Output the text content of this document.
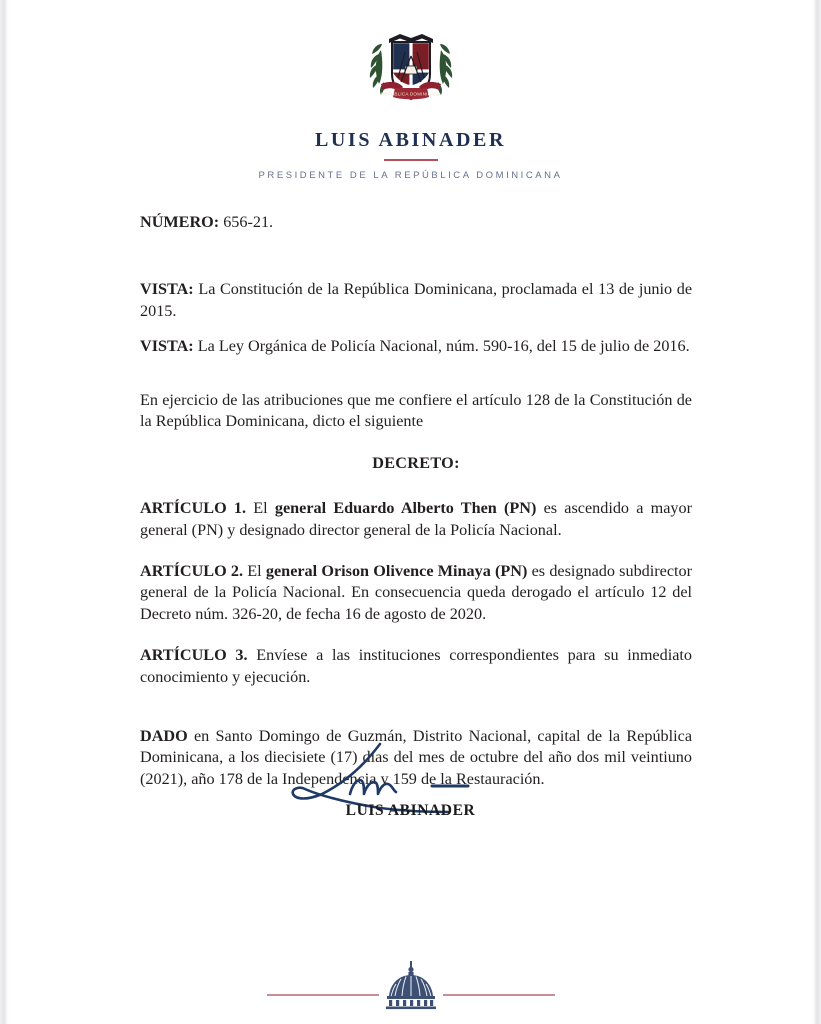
REPUBLICA DOMINICANA
LUIS ABINADER
PRESIDENTE DE LA REPÚBLICA DOMINICANA

NÚMERO: 656-21.

VISTA: La Constitución de la República Dominicana, proclamada el 13 de junio de 2015.

VISTA: La Ley Orgánica de Policía Nacional, núm. 590-16, del 15 de julio de 2016.

En ejercicio de las atribuciones que me confiere el artículo 128 de la Constitución de la República Dominicana, dicto el siguiente

DECRETO:

ARTÍCULO 1. El general Eduardo Alberto Then (PN) es ascendido a mayor general (PN) y designado director general de la Policía Nacional.

ARTÍCULO 2. El general Orison Olivence Minaya (PN) es designado subdirector general de la Policía Nacional. En consecuencia queda derogado el artículo 12 del Decreto núm. 326-20, de fecha 16 de agosto de 2020.

ARTÍCULO 3. Envíese a las instituciones correspondientes para su inmediato conocimiento y ejecución.

DADO en Santo Domingo de Guzmán, Distrito Nacional, capital de la República Dominicana, a los diecisiete (17) días del mes de octubre del año dos mil veintiuno (2021), año 178 de la Independencia y 159 de la Restauración.

LUIS ABINADER
